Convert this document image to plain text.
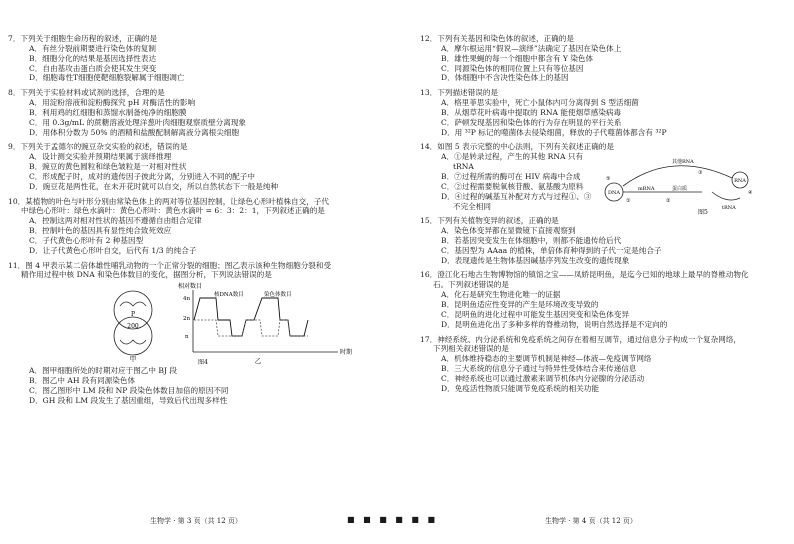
7．下列关于细胞生命历程的叙述，正确的是
A．有丝分裂前期要进行染色体的复制
B．细胞分化的结果是基因选择性表达
C．自由基攻击蛋白质会使其发生突变
D．细胞毒性T细胞使靶细胞裂解属于细胞凋亡
8．下列关于实验材料或试剂的选择，合理的是
A．用淀粉溶液和淀粉酶探究 pH 对酶活性的影响
B．利用鸡的红细胞和蒸馏水制备纯净的细胞膜
C．用 0.3g/mL 的蔗糖溶液处理洋葱叶肉细胞观察质壁分离现象
D．用体积分数为 50% 的酒精和盐酸配制解离液分离根尖细胞
9．下列关于孟德尔的豌豆杂交实验的叙述，错误的是
A．设计测交实验并预期结果属于演绎推理
B．豌豆的黄色圆粒和绿色皱粒是一对相对性状
C．形成配子时，成对的遗传因子彼此分离，分别进入不同的配子中
D．豌豆花是两性花，在未开花时就可以自交，所以自然状态下一般是纯种
10．某植物的叶色与叶形分别由常染色体上的两对等位基因控制，让绿色心形叶植株自交，子代
中绿色心形叶：绿色水滴叶：黄色心形叶：黄色水滴叶 = 6：3：2：1，下列叙述正确的是
A．控制这两对相对性状的基因不遵循自由组合定律
B．控制叶色的基因具有显性纯合致死效应
C．子代黄色心形叶有 2 种基因型
D．让子代黄色心形叶自交，后代有 1/3 的纯合子
11．图 4 甲表示某二倍体雄性哺乳动物的一个正常分裂的细胞；图乙表示该种生物细胞分裂和受
精作用过程中核 DNA 和染色体数目的变化，据图分析，下列说法错误的是
P
200
甲
相对数目
时期
4n
2n
n
核DNA数目	染色体数目
乙
图4
A．图甲细胞所处的时期对应于图乙中 BJ 段
B．图乙中 AH 段有同源染色体
C．图乙图形中 LM 段和 NP 段染色体数目加倍的原因不同
D．GH 段和 LM 段发生了基因重组，导致后代出现多样性
12．下列有关基因和染色体的叙述，正确的是
A．摩尔根运用“假说—演绎”法确定了基因在染色体上
B．雄性果蝇的每一个细胞中都含有 Y 染色体
C．同源染色体的相同位置上只有等位基因
D．体细胞中不含决性染色体上的基因
13．下列描述错误的是
A．格里菲思实验中，死亡小鼠体内可分离得到 S 型活细菌
B．从烟草花叶病毒中提取的 RNA 能使烟草感染病毒
C．萨顿发现基因和染色体的行为存在明显的平行关系
D．用 ³²P 标记的噬菌体去侵染细菌，释放的子代噬菌体都含有 ³²P
14．如图 5 表示完整的中心法则，下列有关叙述正确的是
A．①是转录过程，产生的其他 RNA 只有
tRNA
B．⑦过程所需的酶可在 HIV 病毒中合成
C．②过程需要脱氧核苷酸、氨基酸为原料
D．④过程的碱基互补配对方式与过程①、③
不完全相同
DNA
mRNA	蛋白质
其他RNA
RNA
tRNA
①	②
③
④
⑤
图5
15．下列有关植物变异的叙述，正确的是
A．染色体变异都在显微镜下直接观察到
B．若基因突变发生在体细胞中，则都不能遗传给后代
C．基因型为 AAaa 的植株，单倍体育种得到的子代一定是纯合子
D．表现遗传是生物体基因碱基序列发生改变的遗传现象
16．澄江化石地古生物博物馆的镇馆之宝——凤娇昆明鱼，是迄今已知的地球上最早的脊椎动物化
石。下列叙述错误的是
A．化石是研究生物进化唯一的证据
B．昆明鱼适应性变异的产生是环境改变导致的
C．昆明鱼的进化过程中可能发生基因突变和染色体变异
D．昆明鱼进化出了多种多样的脊椎动物，说明自然选择是不定向的
17．神经系统、内分泌系统和免疫系统之间存在着相互调节，通过信息分子构成一个复杂网络，
下列相关叙述错误的是
A．机体维持稳态的主要调节机制是神经—体液—免疫调节网络
B．三大系统的信息分子通过与特异性受体结合来传递信息
C．神经系统也可以通过激素来调节机体内分泌腺的分泌活动
D．免疫活性物质只能调节免疫系统的相关功能
生物学 · 第 3 页（共 12 页）	■ ■ ■ ■ ■ ■	生物学 · 第 4 页（共 12 页）
